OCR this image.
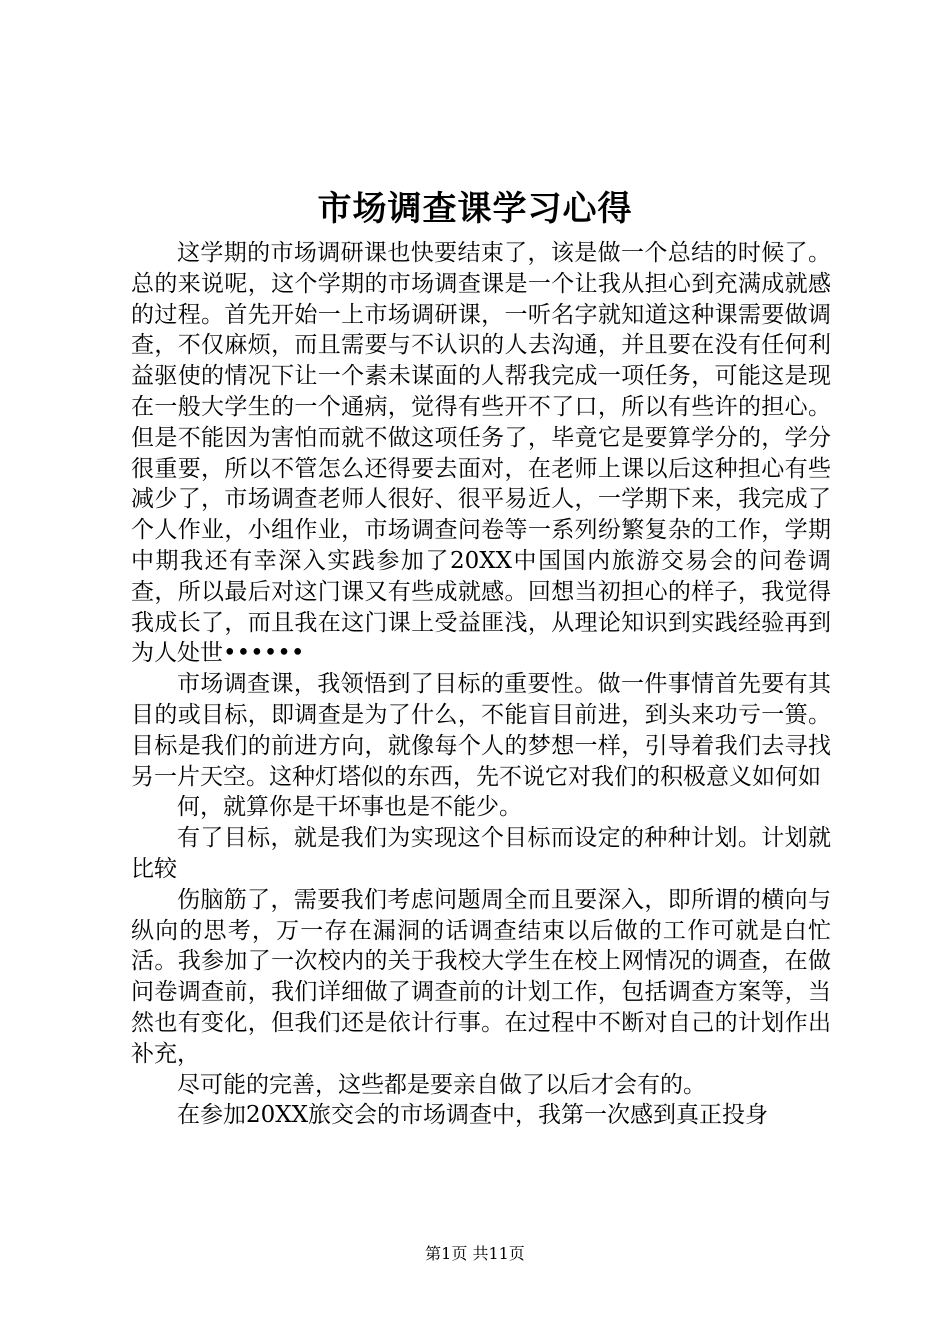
市场调查课学习心得

这学期的市场调研课也快要结束了，该是做一个总结的时候了。总的来说呢，这个学期的市场调查课是一个让我从担心到充满成就感的过程。首先开始一上市场调研课，一听名字就知道这种课需要做调查，不仅麻烦，而且需要与不认识的人去沟通，并且要在没有任何利益驱使的情况下让一个素未谋面的人帮我完成一项任务，可能这是现在一般大学生的一个通病，觉得有些开不了口，所以有些许的担心。但是不能因为害怕而就不做这项任务了，毕竟它是要算学分的，学分很重要，所以不管怎么还得要去面对，在老师上课以后这种担心有些减少了，市场调查老师人很好、很平易近人，一学期下来，我完成了个人作业，小组作业，市场调查问卷等一系列纷繁复杂的工作，学期中期我还有幸深入实践参加了20XX中国国内旅游交易会的问卷调查，所以最后对这门课又有些成就感。回想当初担心的样子，我觉得我成长了，而且我在这门课上受益匪浅，从理论知识到实践经验再到为人处世••••••

市场调查课，我领悟到了目标的重要性。做一件事情首先要有其目的或目标，即调查是为了什么，不能盲目前进，到头来功亏一篑。目标是我们的前进方向，就像每个人的梦想一样，引导着我们去寻找另一片天空。这种灯塔似的东西，先不说它对我们的积极意义如何如

何，就算你是干坏事也是不能少。

有了目标，就是我们为实现这个目标而设定的种种计划。计划就比较

伤脑筋了，需要我们考虑问题周全而且要深入，即所谓的横向与纵向的思考，万一存在漏洞的话调查结束以后做的工作可就是白忙活。我参加了一次校内的关于我校大学生在校上网情况的调查，在做问卷调查前，我们详细做了调查前的计划工作，包括调查方案等，当然也有变化，但我们还是依计行事。在过程中不断对自己的计划作出补充，

尽可能的完善，这些都是要亲自做了以后才会有的。

在参加20XX旅交会的市场调查中，我第一次感到真正投身

第1页 共11页
